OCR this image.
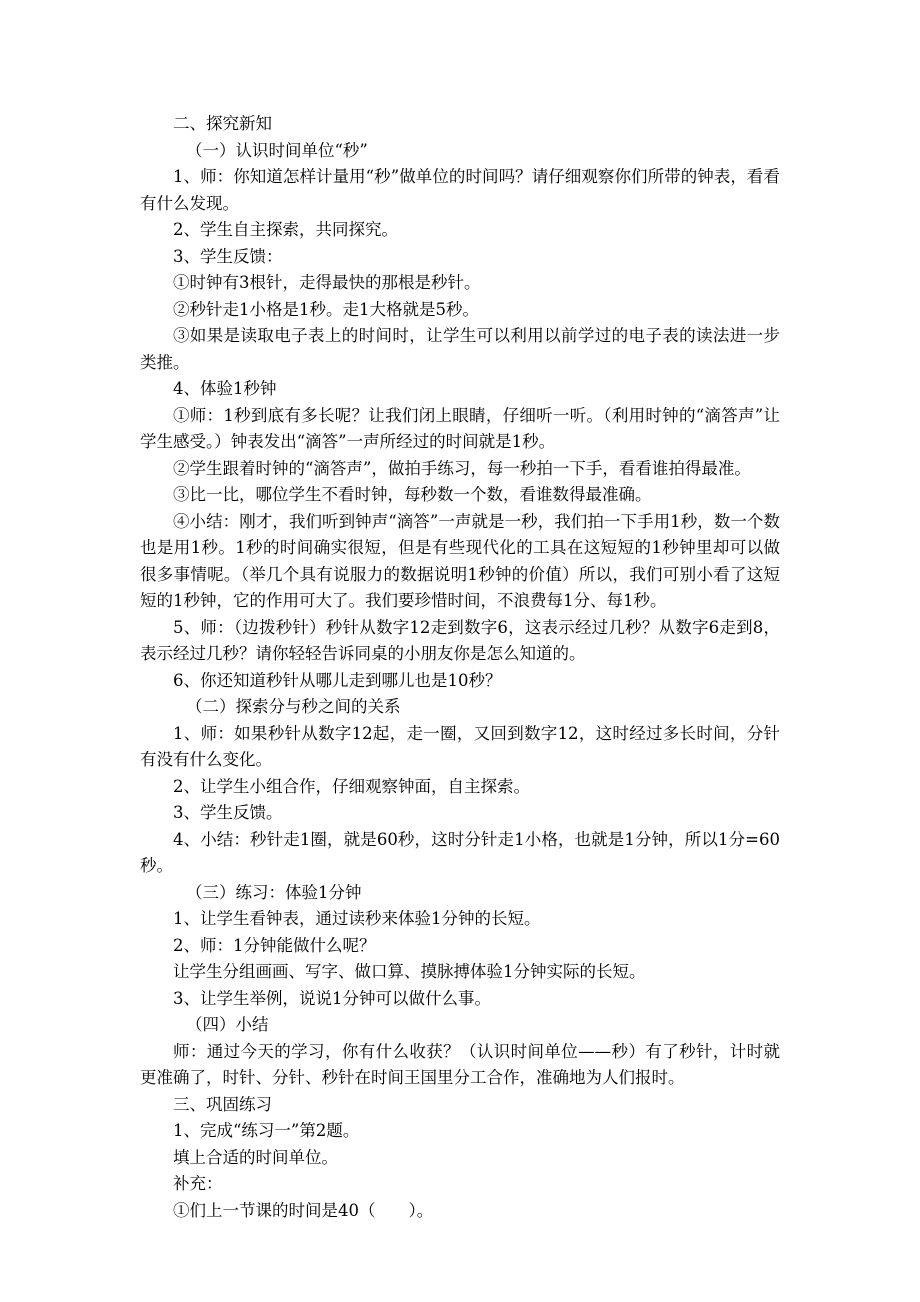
二、探究新知

（一）认识时间单位“秒”

1、师：你知道怎样计量用“秒”做单位的时间吗？请仔细观察你们所带的钟表，看看有什么发现。

2、学生自主探索，共同探究。

3、学生反馈：

①时钟有3根针，走得最快的那根是秒针。

②秒针走1小格是1秒。走1大格就是5秒。

③如果是读取电子表上的时间时，让学生可以利用以前学过的电子表的读法进一步类推。

4、体验1秒钟

①师：1秒到底有多长呢？让我们闭上眼睛，仔细听一听。（利用时钟的“滴答声”让学生感受。）钟表发出“滴答”一声所经过的时间就是1秒。

②学生跟着时钟的“滴答声”，做拍手练习，每一秒拍一下手，看看谁拍得最准。

③比一比，哪位学生不看时钟，每秒数一个数，看谁数得最准确。

④小结：刚才，我们听到钟声“滴答”一声就是一秒，我们拍一下手用1秒，数一个数也是用1秒。1秒的时间确实很短，但是有些现代化的工具在这短短的1秒钟里却可以做很多事情呢。（举几个具有说服力的数据说明1秒钟的价值）所以，我们可别小看了这短短的1秒钟，它的作用可大了。我们要珍惜时间，不浪费每1分、每1秒。

5、师：（边拨秒针）秒针从数字12走到数字6，这表示经过几秒？从数字6走到8，表示经过几秒？请你轻轻告诉同桌的小朋友你是怎么知道的。

6、你还知道秒针从哪儿走到哪儿也是10秒？

（二）探索分与秒之间的关系

1、师：如果秒针从数字12起，走一圈，又回到数字12，这时经过多长时间，分针有没有什么变化。

2、让学生小组合作，仔细观察钟面，自主探索。

3、学生反馈。

4、小结：秒针走1圈，就是60秒，这时分针走1小格，也就是1分钟，所以1分=60秒。

（三）练习：体验1分钟

1、让学生看钟表，通过读秒来体验1分钟的长短。

2、师：1分钟能做什么呢？

让学生分组画画、写字、做口算、摸脉搏体验1分钟实际的长短。

3、让学生举例，说说1分钟可以做什么事。

（四）小结

师：通过今天的学习，你有什么收获？（认识时间单位——秒）有了秒针，计时就更准确了，时针、分针、秒针在时间王国里分工合作，准确地为人们报时。

三、巩固练习

1、完成“练习一”第2题。

填上合适的时间单位。

补充：

①们上一节课的时间是40（　　）。
